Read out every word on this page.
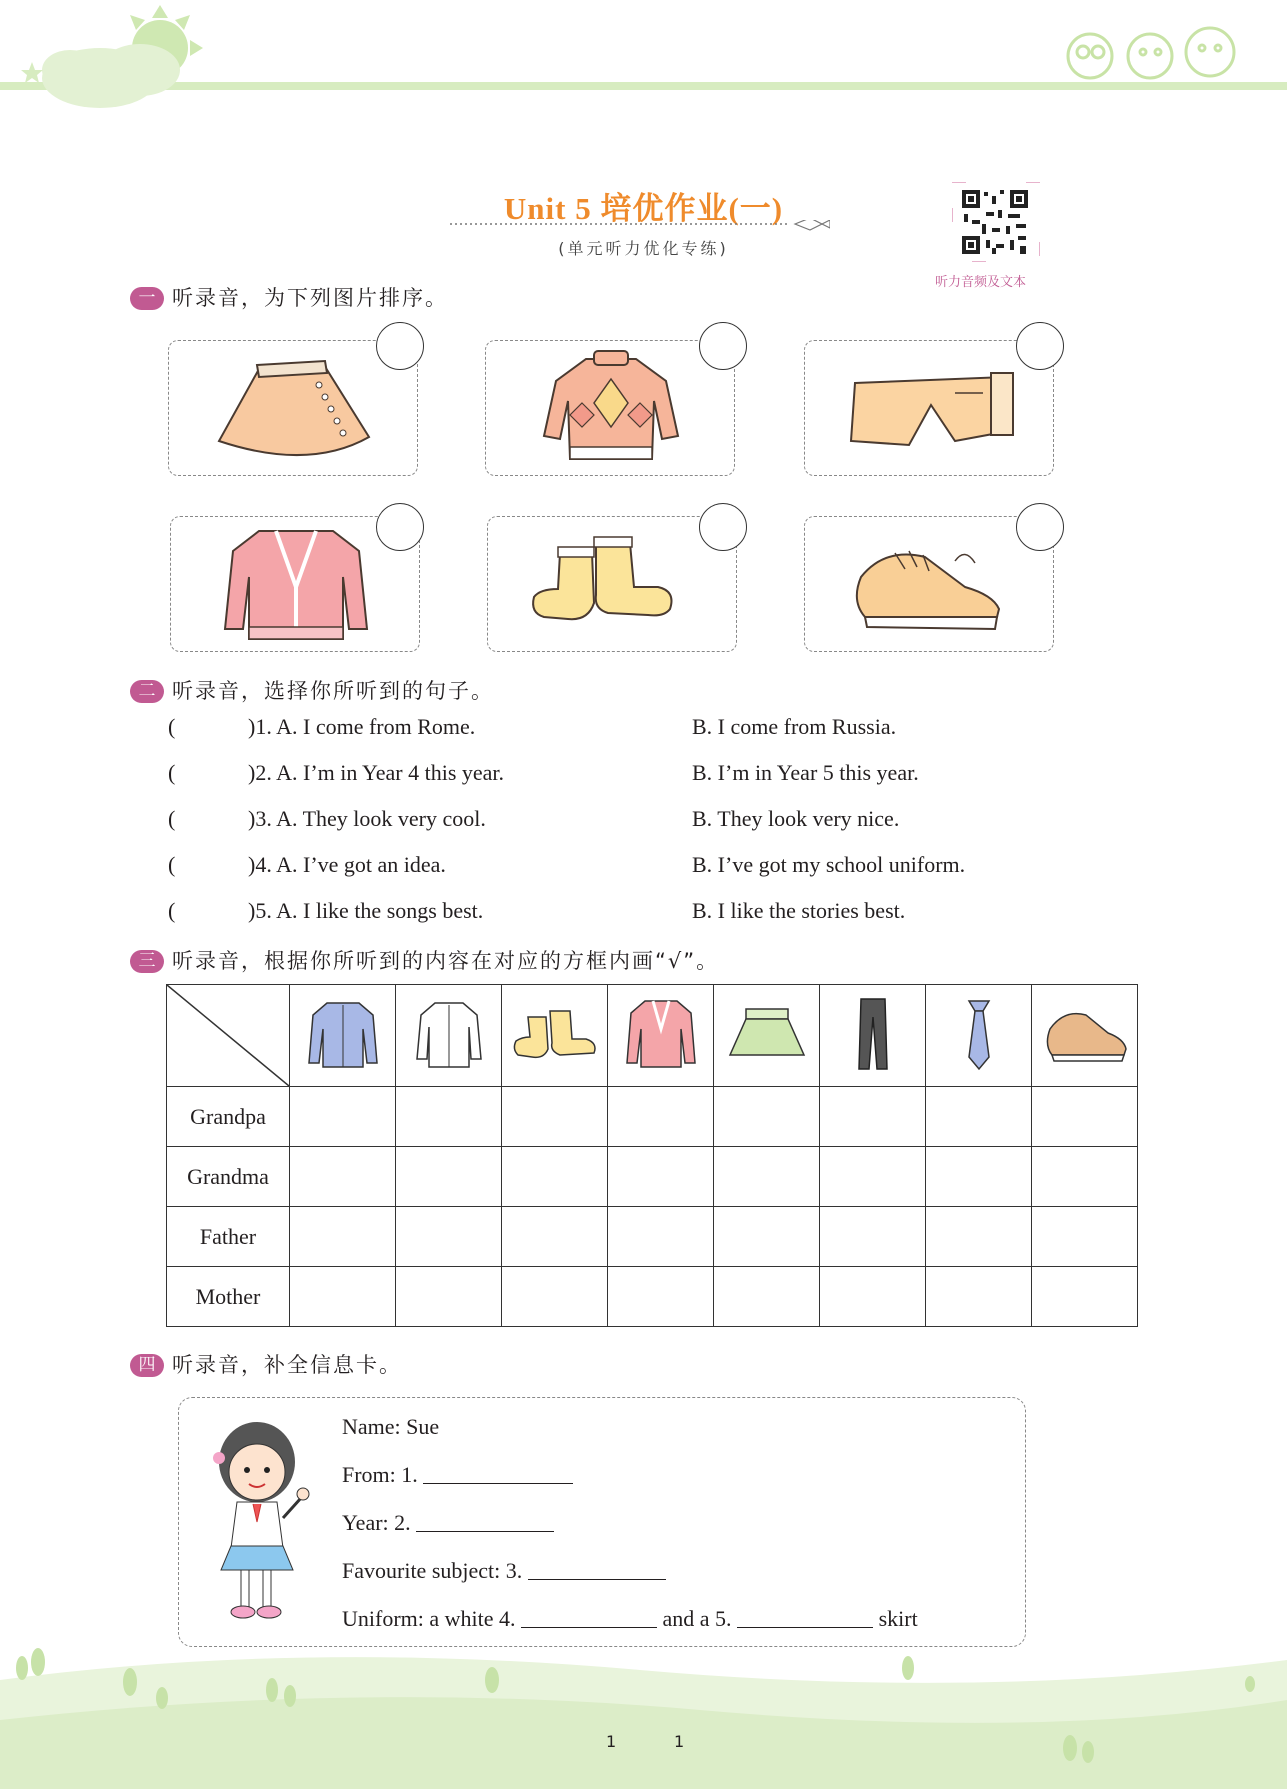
Unit 5 培优作业(一)
(单元听力优化专练)
听力音频及文本
一 听录音，为下列图片排序。
二 听录音，选择你所听到的句子。
(	)1. A. I come from Rome.	B. I come from Russia.
(	)2. A. I’m in Year 4 this year.	B. I’m in Year 5 this year.
(	)3. A. They look very cool.	B. They look very nice.
(	)4. A. I’ve got an idea.	B. I’ve got my school uniform.
(	)5. A. I like the songs best.	B. I like the stories best.
三 听录音，根据你所听到的内容在对应的方框内画“√”。

Grandpa								
Grandma								
Father								
Mother								
四 听录音，补全信息卡。
Name: Sue
From: 1.
Year: 2.
Favourite subject: 3.
Uniform: a white 4.	and a 5.	skirt
1	1
